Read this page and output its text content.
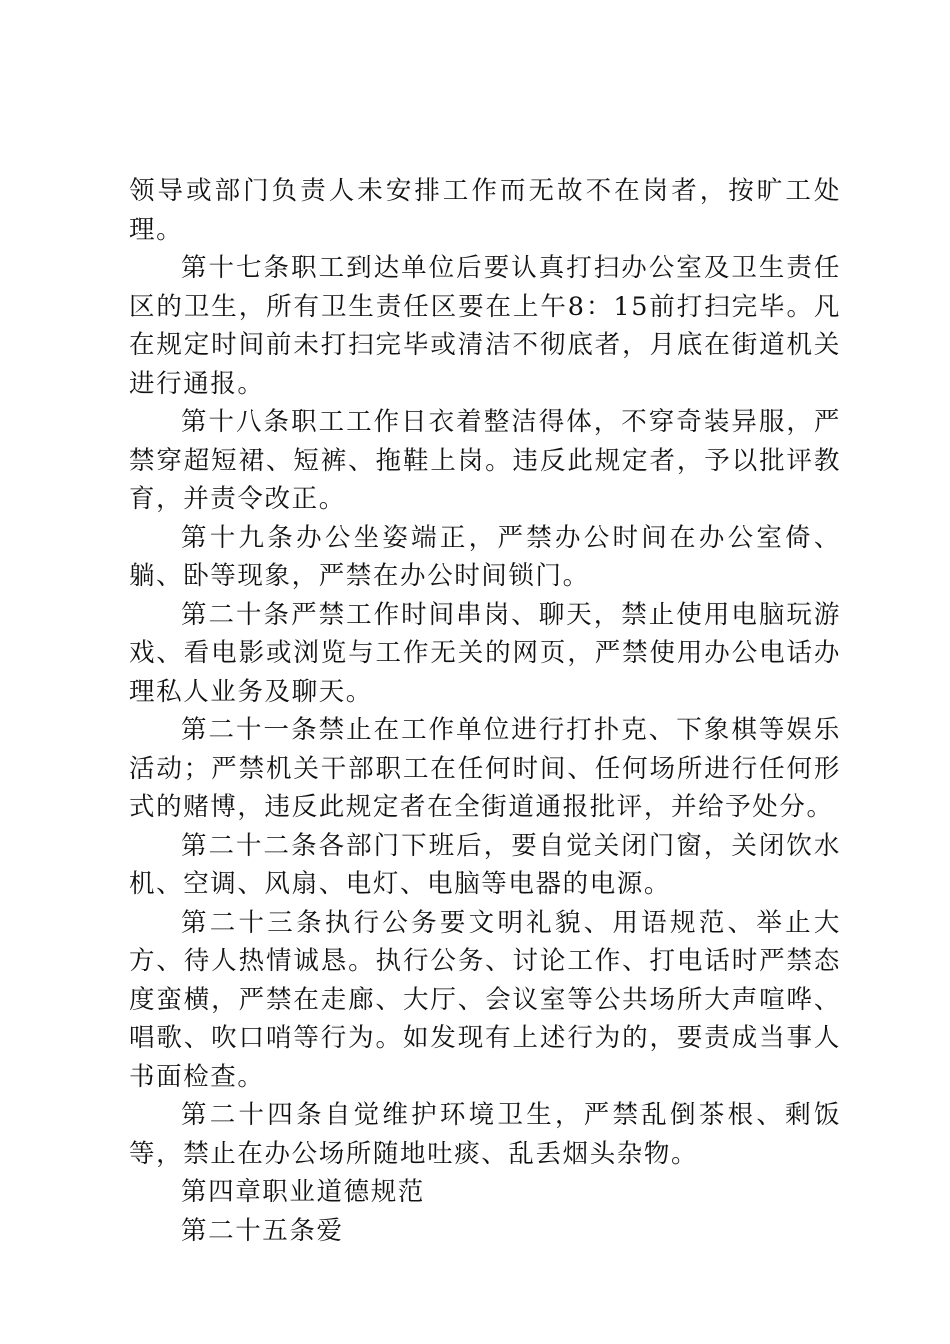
领导或部门负责人未安排工作而无故不在岗者，按旷工处理。

第十七条职工到达单位后要认真打扫办公室及卫生责任区的卫生，所有卫生责任区要在上午8：15前打扫完毕。凡在规定时间前未打扫完毕或清洁不彻底者，月底在街道机关进行通报。

第十八条职工工作日衣着整洁得体，不穿奇装异服，严禁穿超短裙、短裤、拖鞋上岗。违反此规定者，予以批评教育，并责令改正。

第十九条办公坐姿端正，严禁办公时间在办公室倚、躺、卧等现象，严禁在办公时间锁门。

第二十条严禁工作时间串岗、聊天，禁止使用电脑玩游戏、看电影或浏览与工作无关的网页，严禁使用办公电话办理私人业务及聊天。

第二十一条禁止在工作单位进行打扑克、下象棋等娱乐活动；严禁机关干部职工在任何时间、任何场所进行任何形式的赌博，违反此规定者在全街道通报批评，并给予处分。

第二十二条各部门下班后，要自觉关闭门窗，关闭饮水机、空调、风扇、电灯、电脑等电器的电源。

第二十三条执行公务要文明礼貌、用语规范、举止大方、待人热情诚恳。执行公务、讨论工作、打电话时严禁态度蛮横，严禁在走廊、大厅、会议室等公共场所大声喧哗、唱歌、吹口哨等行为。如发现有上述行为的，要责成当事人书面检查。

第二十四条自觉维护环境卫生，严禁乱倒茶根、剩饭等，禁止在办公场所随地吐痰、乱丢烟头杂物。

第四章职业道德规范

第二十五条爱
